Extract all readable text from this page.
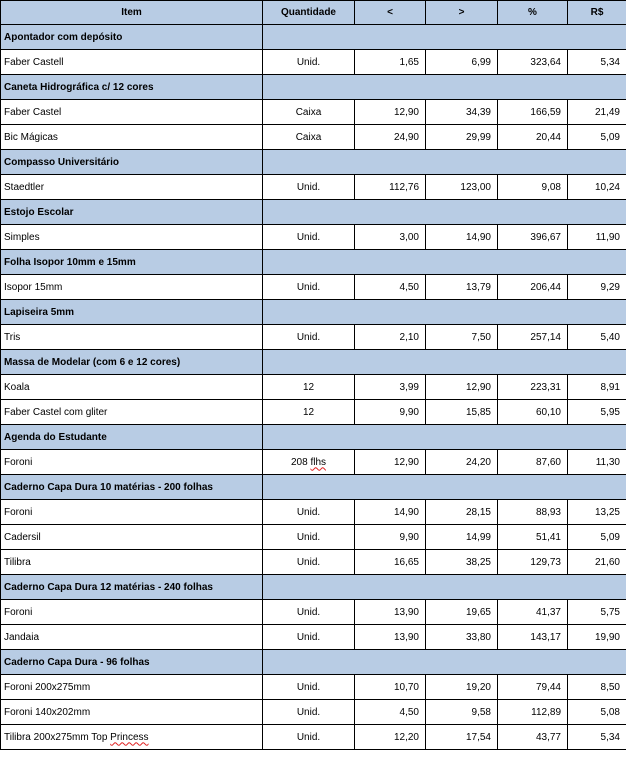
Item	Quantidade	<	>	%	R$
Apontador com depósito					
Faber Castell	Unid.	1,65	6,99	323,64	5,34
Caneta Hidrográfica c/ 12 cores					
Faber Castel	Caixa	12,90	34,39	166,59	21,49
Bic Mágicas	Caixa	24,90	29,99	20,44	5,09
Compasso Universitário					
Staedtler	Unid.	112,76	123,00	9,08	10,24
Estojo Escolar					
Simples	Unid.	3,00	14,90	396,67	11,90
Folha Isopor 10mm e 15mm					
Isopor 15mm	Unid.	4,50	13,79	206,44	9,29
Lapiseira 5mm					
Tris	Unid.	2,10	7,50	257,14	5,40
Massa de Modelar (com 6 e 12 cores)					
Koala	12	3,99	12,90	223,31	8,91
Faber Castel com gliter	12	9,90	15,85	60,10	5,95
Agenda do Estudante					
Foroni	208 flhs	12,90	24,20	87,60	11,30
Caderno Capa Dura 10 matérias - 200 folhas					
Foroni	Unid.	14,90	28,15	88,93	13,25
Cadersil	Unid.	9,90	14,99	51,41	5,09
Tilibra	Unid.	16,65	38,25	129,73	21,60
Caderno Capa Dura 12 matérias - 240 folhas					
Foroni	Unid.	13,90	19,65	41,37	5,75
Jandaia	Unid.	13,90	33,80	143,17	19,90
Caderno Capa Dura - 96 folhas					
Foroni 200x275mm	Unid.	10,70	19,20	79,44	8,50
Foroni 140x202mm	Unid.	4,50	9,58	112,89	5,08
Tilibra 200x275mm Top Princess	Unid.	12,20	17,54	43,77	5,34
